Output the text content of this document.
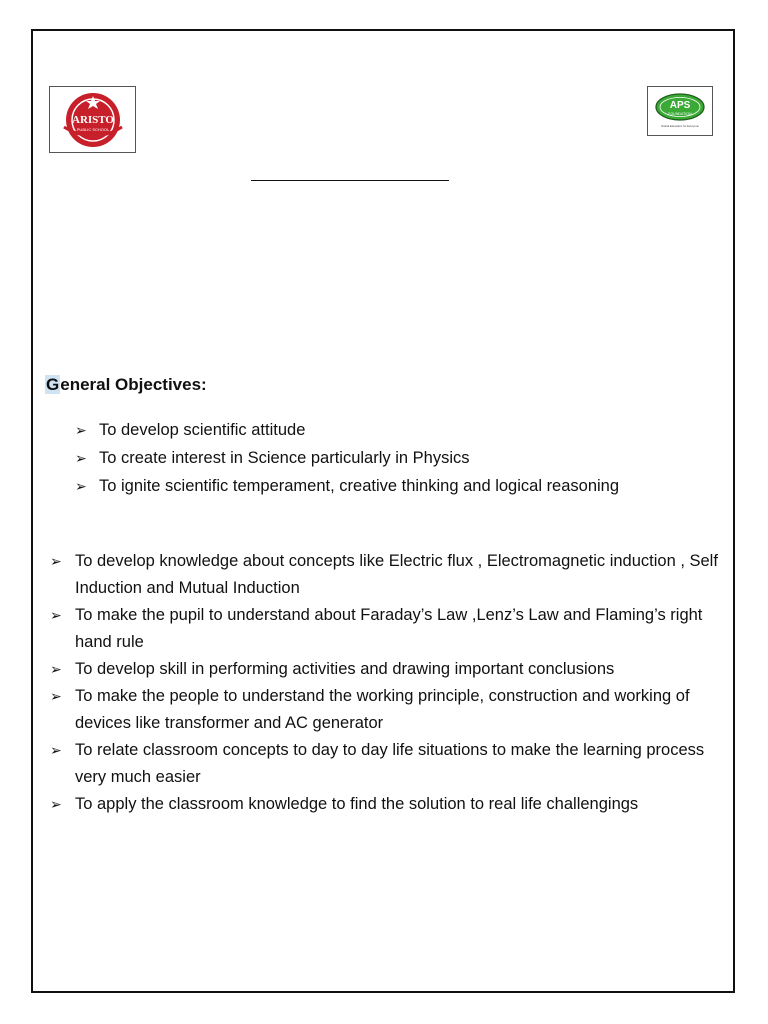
ARISTO
PUBLIC SCHOOL
APS
FOUNDATION
Global Education for Everyone
General Objectives:
➢ To develop scientific attitude
➢ To create interest in Science particularly in Physics
➢ To ignite scientific temperament, creative thinking and logical reasoning
➢ To develop knowledge about concepts like Electric flux , Electromagnetic induction , Self Induction and Mutual Induction
➢ To make the pupil to understand about Faraday’s Law ,Lenz’s Law and Flaming’s right hand rule
➢ To develop skill in performing activities and drawing important conclusions
➢ To make the people to understand the working principle, construction and working of devices like transformer and AC generator
➢ To relate classroom concepts to day to day life situations to make the learning process very much easier
➢ To apply the classroom knowledge to find the solution to real life challengings
